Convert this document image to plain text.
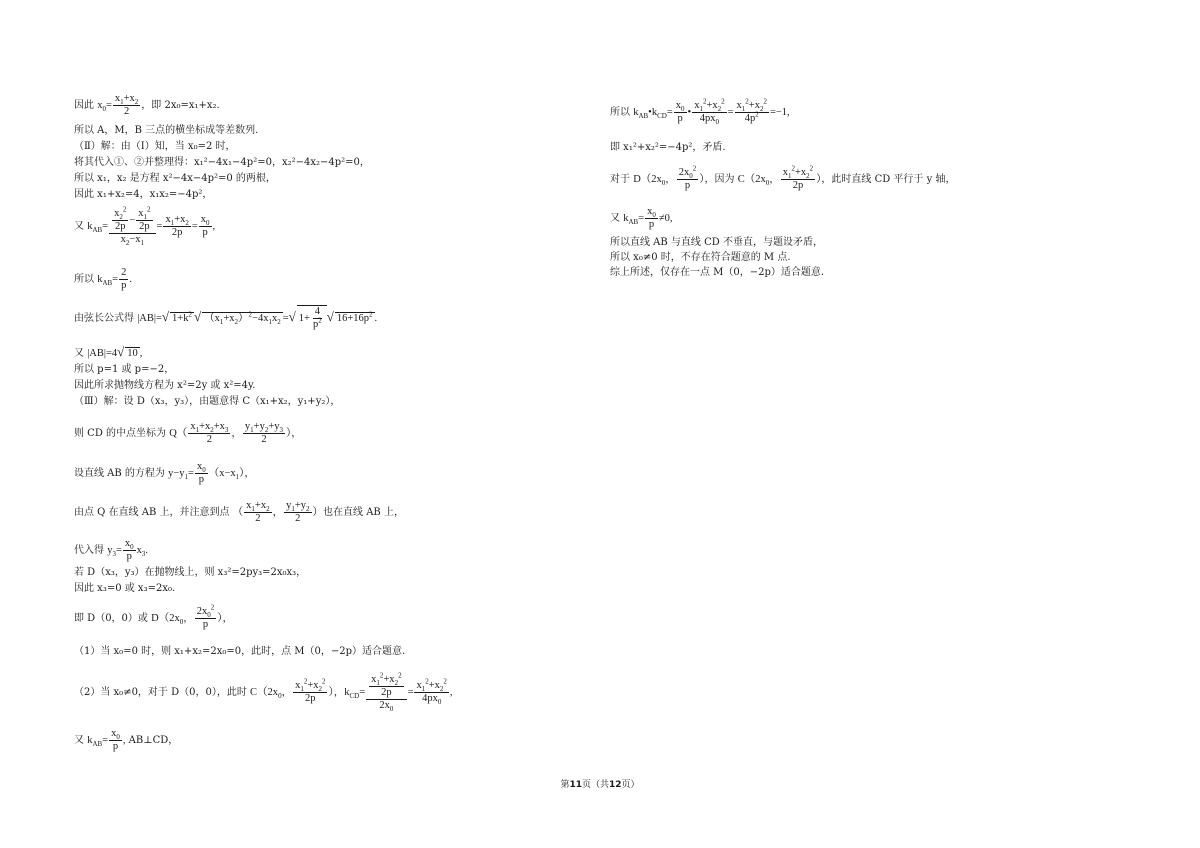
因此 $x_0= \frac{x_1+x_2}{2}$ ，即 2x₀=x₁+x₂.
所以 A，M，B 三点的横坐标成等差数列.
（Ⅱ）解：由（Ⅰ）知，当 x₀=2 时，
将其代入①、②并整理得：x₁²−4x₁−4p²=0，x₂²−4x₂−4p²=0，
所以 x₁，x₂ 是方程 x²−4x−4p²=0 的两根，
因此 x₁+x₂=4，x₁x₂=−4p²，
又 $k_{AB}= \frac{\frac{x_2^2}{2p} - \frac{x_1^2}{2p}}{x_2-x_1} = \frac{x_1+x_2}{2p} = \frac{x_0}{p}$ ,
所以 $k_{AB}= \frac{2}{p}$ .
由弦长公式得 |AB|=√ $1+k^2$ √ $(x_1+x_2)^2-4x_1x_2$ =√ $1+ \frac{4}{p^2}$ √ $16+16p^2$ .
又 |AB|=4√ 10 ,
所以 p=1 或 p=−2，
因此所求抛物线方程为 x²=2y 或 x²=4y.
（Ⅲ）解：设 D（x₃，y₃），由题意得 C（x₁+x₂，y₁+y₂），
则 CD 的中点坐标为 $Q( \frac{x_1+x_2+x_3}{2}$ ， $\frac{y_1+y_2+y_3}{2}$ ），
设直线 AB 的方程为 $y-y_1= \frac{x_0}{p} (x-x_1)$，
由点 Q 在直线 AB 上，并注意到点 （ $\frac{x_1+x_2}{2}$ ， $\frac{y_1+y_2}{2}$ ）也在直线 AB 上，
代入得 $y_3= \frac{x_0}{p} x_3$.
若 D（x₃，y₃）在抛物线上，则 x₃²=2py₃=2x₀x₃，
因此 x₃=0 或 x₃=2x₀.
即 D（0，0）或 $D(2x_0$， $\frac{2x_0^2}{p}$ ），
（1）当 x₀=0 时，则 x₁+x₂=2x₀=0，此时，点 M（0，−2p）适合题意.
（2）当 x₀≠0，对于 D（0，0），此时 $C(2x_0$， $\frac{x_1^2+x_2^2}{2p}$ ），$k_{CD}= \frac{\frac{x_1^2+x_2^2}{2p}}{2x_0} = \frac{x_1^2+x_2^2}{4px_0}$ ,
又 $k_{AB}= \frac{x_0}{p}$ , AB⊥CD，
所以 $k_{AB}•k_{CD}= \frac{x_0}{p}$ • $\frac{x_1^2+x_2^2}{4px_0} = \frac{x_1^2+x_2^2}{4p^2} =-1$,
即 x₁²+x₂²=−4p²，矛盾.
对于 $D(2x_0$， $\frac{2x_0^2}{p}$ ），因为 $C(2x_0$， $\frac{x_1^2+x_2^2}{2p}$ ），此时直线 CD 平行于 y 轴，
又 $k_{AB}= \frac{x_0}{p} \ne 0$,
所以直线 AB 与直线 CD 不垂直，与题设矛盾，
所以 x₀≠0 时，不存在符合题意的 M 点.
综上所述，仅存在一点 M（0，−2p）适合题意.
第11页（共12页）
